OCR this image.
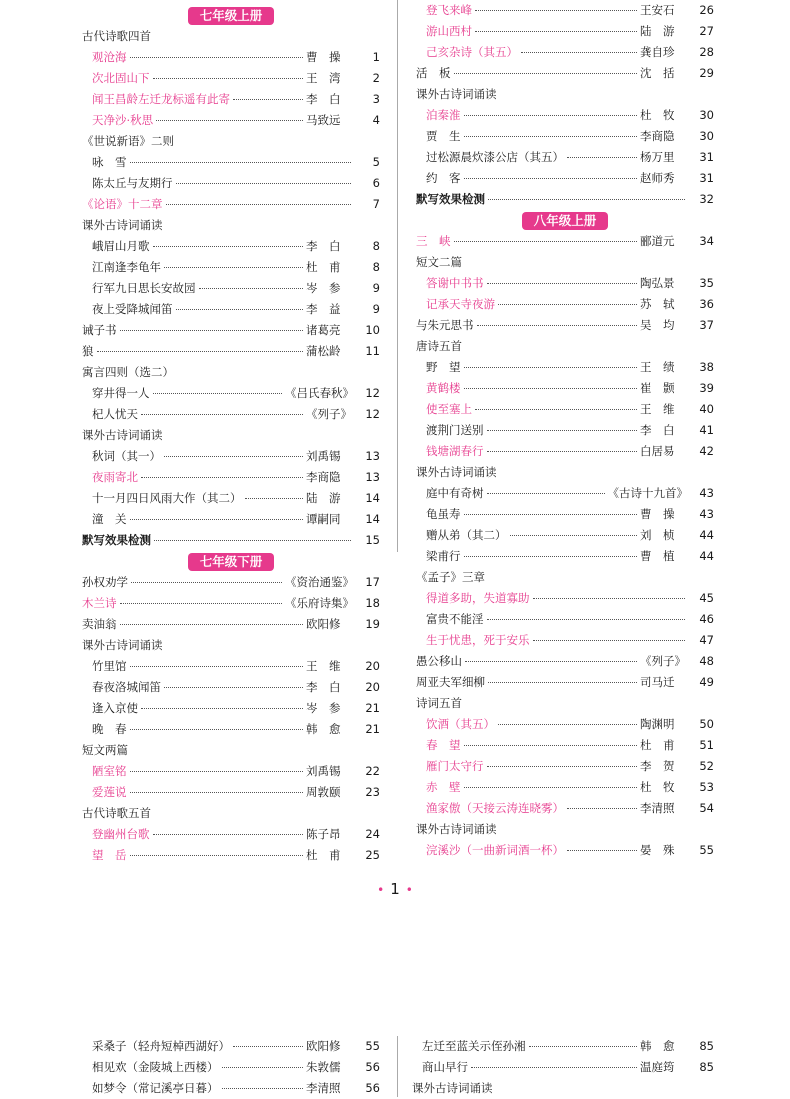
七年级上册
古代诗歌四首
观沧海	曹　操	1
次北固山下	王　湾	2
闻王昌龄左迁龙标遥有此寄	李　白	3
天净沙·秋思	马致远	4
《世说新语》二则
咏　雪	5
陈太丘与友期行	6
《论语》十二章	7
课外古诗词诵读
峨眉山月歌	李　白	8
江南逢李龟年	杜　甫	8
行军九日思长安故园	岑　参	9
夜上受降城闻笛	李　益	9
诫子书	诸葛亮	10
狼	蒲松龄	11
寓言四则（选二）
穿井得一人	《吕氏春秋》 12
杞人忧天	《列子》	12
课外古诗词诵读
秋词（其一）	刘禹锡	13
夜雨寄北	李商隐	13
十一月四日风雨大作（其二）	陆　游	14
潼　关	谭嗣同	14
默写效果检测	15
七年级下册
孙权劝学	《资治通鉴》 17
木兰诗	《乐府诗集》 18
卖油翁	欧阳修	19
课外古诗词诵读
竹里馆	王　维	20
春夜洛城闻笛	李　白	20
逢入京使	岑　参	21
晚　春	韩　愈	21
短文两篇
陋室铭	刘禹锡	22
爱莲说	周敦颐	23
古代诗歌五首
登幽州台歌	陈子昂	24
望　岳	杜　甫	25
登飞来峰	王安石	26
游山西村	陆　游	27
己亥杂诗（其五）	龚自珍	28
活　板	沈　括	29
课外古诗词诵读
泊秦淮	杜　牧	30
贾　生	李商隐	30
过松源晨炊漆公店（其五）	杨万里	31
约　客	赵师秀	31
默写效果检测	32
八年级上册
三　峡	郦道元	34
短文二篇
答谢中书书	陶弘景	35
记承天寺夜游	苏　轼	36
与朱元思书	吴　均	37
唐诗五首
野　望	王　绩	38
黄鹤楼	崔　颢	39
使至塞上	王　维	40
渡荆门送别	李　白	41
钱塘湖春行	白居易	42
课外古诗词诵读
庭中有奇树	《古诗十九首》 43
龟虽寿	曹　操	43
赠从弟（其二）	刘　桢	44
梁甫行	曹　植	44
《孟子》三章
得道多助，失道寡助	45
富贵不能淫	46
生于忧患，死于安乐	47
愚公移山	《列子》	48
周亚夫军细柳	司马迁	49
诗词五首
饮酒（其五）	陶渊明	50
春　望	杜　甫	51
雁门太守行	李　贺	52
赤　壁	杜　牧	53
渔家傲（天接云涛连晓雾）	李清照	54
课外古诗词诵读
浣溪沙（一曲新词酒一杯）	晏　殊	55
• 1 •
采桑子（轻舟短棹西湖好）	欧阳修	55
相见欢（金陵城上西楼）	朱敦儒	56
如梦令（常记溪亭日暮）	李清照	56
左迁至蓝关示侄孙湘	韩　愈	85
商山早行	温庭筠	85
课外古诗词诵读
